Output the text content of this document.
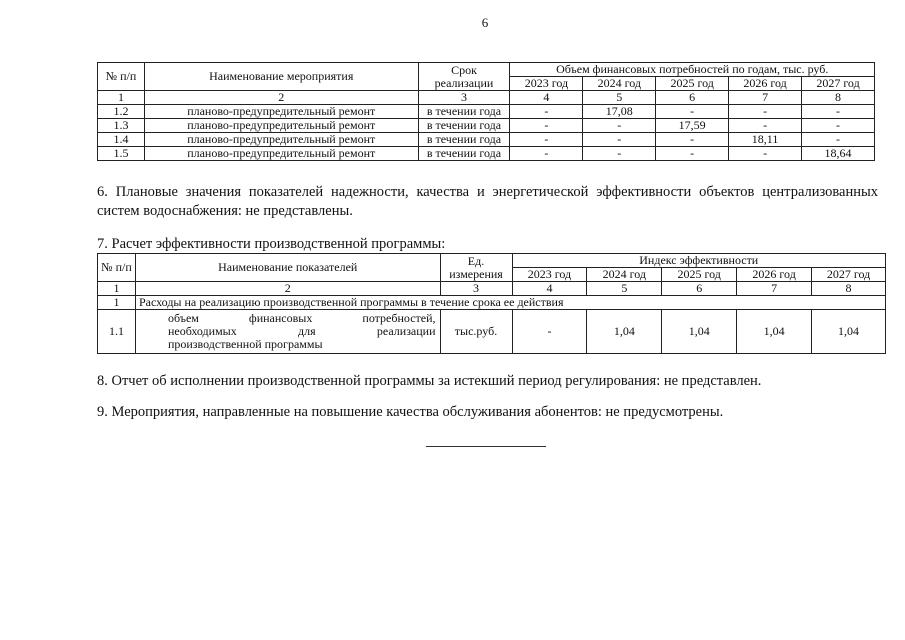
6
№ п/п	Наименование мероприятия	Срок реализации	Объем финансовых потребностей по годам, тыс. руб.				
			2023 год	2024 год	2025 год	2026 год	2027 год
1	2	3	4	5	6	7	8
1.2	планово-предупредительный ремонт	в течении года	-	17,08	-	-	-
1.3	планово-предупредительный ремонт	в течении года	-	-	17,59	-	-
1.4	планово-предупредительный ремонт	в течении года	-	-	-	18,11	-
1.5	планово-предупредительный ремонт	в течении года	-	-	-	-	18,64
6. Плановые значения показателей надежности, качества и энергетической эффективности объектов централизованных систем водоснабжения: не представлены.
7. Расчет эффективности производственной программы:
№ п/п	Наименование показателей	Ед. измерения	Индекс эффективности				
			2023 год	2024 год	2025 год	2026 год	2027 год
1	2	3	4	5	6	7	8
1	Расходы на реализацию производственной программы в течение срока ее действия						
1.1	объем финансовых потребностей,
необходимых для реализации
производственной программы	тыс.руб.	-	1,04	1,04	1,04	1,04
8. Отчет об исполнении производственной программы за истекший период регулирования: не представлен.
9. Мероприятия, направленные на повышение качества обслуживания абонентов: не предусмотрены.
